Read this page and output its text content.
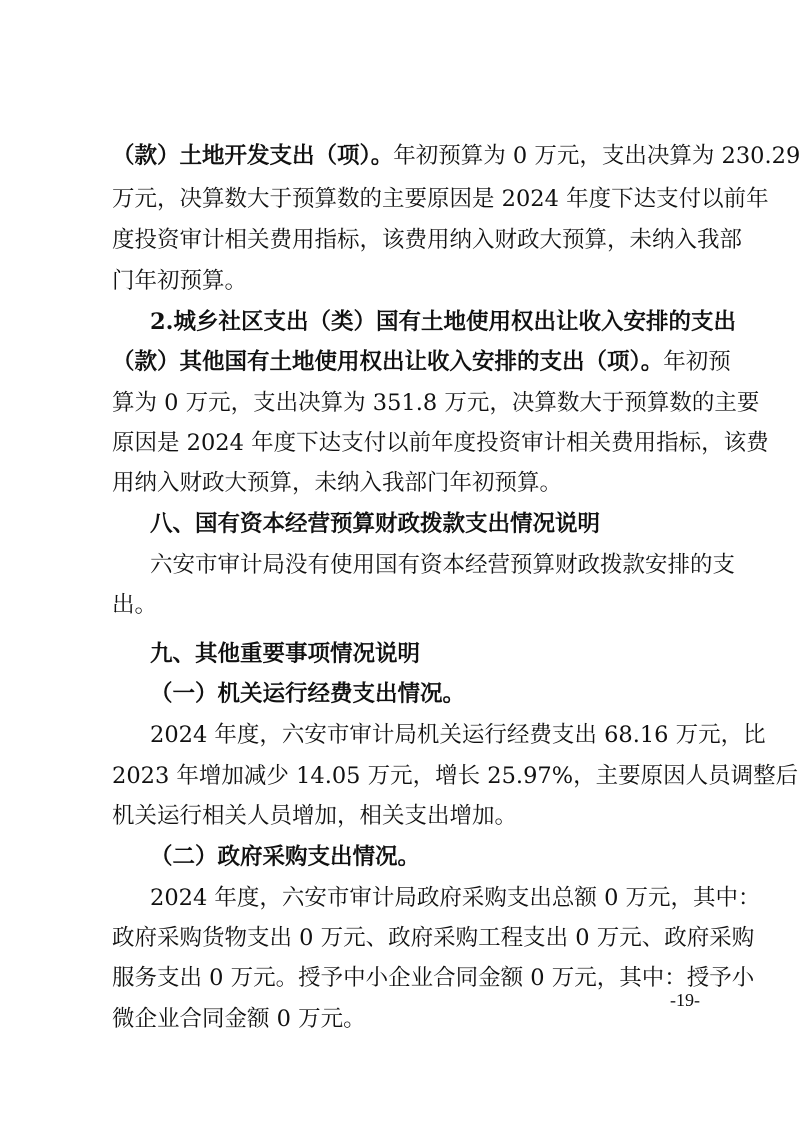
（款）土地开发支出（项）。年初预算为 0 万元，支出决算为 230.29
万元，决算数大于预算数的主要原因是 2024 年度下达支付以前年
度投资审计相关费用指标，该费用纳入财政大预算，未纳入我部
门年初预算。
2.城乡社区支出（类）国有土地使用权出让收入安排的支出
（款）其他国有土地使用权出让收入安排的支出（项）。年初预
算为 0 万元，支出决算为 351.8 万元，决算数大于预算数的主要
原因是 2024 年度下达支付以前年度投资审计相关费用指标，该费
用纳入财政大预算，未纳入我部门年初预算。
八、国有资本经营预算财政拨款支出情况说明
六安市审计局没有使用国有资本经营预算财政拨款安排的支
出。
九、其他重要事项情况说明
（一）机关运行经费支出情况。
2024 年度，六安市审计局机关运行经费支出 68.16 万元，比
2023 年增加减少 14.05 万元，增长 25.97%，主要原因人员调整后
机关运行相关人员增加，相关支出增加。
（二）政府采购支出情况。
2024 年度，六安市审计局政府采购支出总额 0 万元，其中：
政府采购货物支出 0 万元、政府采购工程支出 0 万元、政府采购
服务支出 0 万元。授予中小企业合同金额 0 万元，其中：授予小
微企业合同金额 0 万元。
-19-
